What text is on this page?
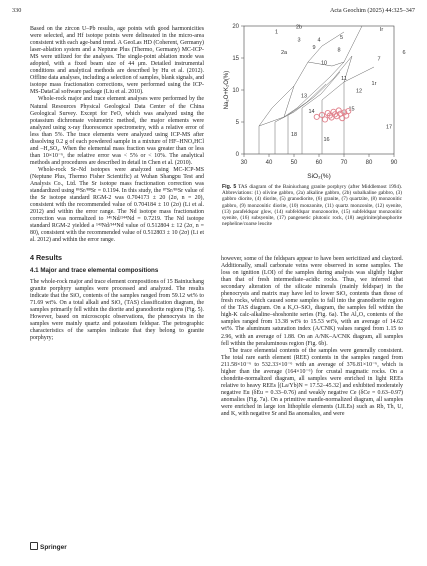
330	Acta Geochim (2025) 44:325–347

Based on the zircon U–Pb results, age points with good harmonicities were selected, and Hf isotope points were delineated in the micro-area consistent with each age-band trend. A GeoLas HD (Coherent, Germany) laser-ablation system and a Neptune Plus (Thermo, Germany) MC-ICP-MS were utilized for the analyses. The single-point ablation mode was adopted, with a fixed beam size of 44 μm. Detailed instrumental conditions and analytical methods are described by Hu et al. (2012). Offline data analyses, including a selection of samples, blank signals, and isotope mass fractionation corrections, were performed using the ICP-MS-DataCal software package (Liu et al. 2010).

Whole-rock major and trace element analyses were performed by the Natural Resources Physical Geological Data Center of the China Geological Survey. Except for FeO, which was analyzed using the potassium dichromate volumetric method, the major elements were analyzed using x-ray fluorescence spectrometry, with a relative error of less than 5%. The trace elements were analyzed using ICP-MS after dissolving 0.2 g of each powdered sample in a mixture of HF–HNO₃HCl and –H₂SO₄. When the elemental mass fraction was greater than or less than 10×10⁻⁶, the relative error was < 5% or < 10%. The analytical methods and procedures are described in detail in Chen et al. (2010).

Whole-rock Sr–Nd isotopes were analyzed using MC-ICP-MS (Neptune Plus, Thermo Fisher Scientific) at Wuhan Shangpu Test and Analysis Co., Ltd. The Sr isotope mass fractionation correction was standardized using ⁸⁶Sr/⁸⁸Sr = 0.1194. In this study, the ⁸⁷Sr/⁸⁶Sr value of the Sr isotope standard RGM-2 was 0.704173 ± 20 (2σ, n = 20), consistent with the recommended value of 0.704184 ± 10 (2σ) (Li et al. 2012) and within the error range. The Nd isotope mass fractionation correction was normalized to ¹⁴⁶Nd/¹⁴⁴Nd = 0.7219. The Nd isotope standard RGM-2 yielded a ¹⁴³Nd/¹⁴⁴Nd value of 0.512804 ± 12 (2σ, n = 80), consistent with the recommended value of 0.512803 ± 10 (2σ) (Li et al. 2012) and within the error range.

4 Results
4.1 Major and trace elemental compositions

The whole-rock major and trace element compositions of 15 Bainiuchang granite porphyry samples were processed and analyzed. The results indicate that the SiO₂ contents of the samples ranged from 59.12 wt% to 71.69 wt%. On a total alkali and SiO₂ (TAS) classification diagram, the samples primarily fell within the diorite and granodiorite regions (Fig. 5). However, based on microscopic observations, the phenocrysts in the samples were mainly quartz and potassium feldspar. The petrographic characteristics of the samples indicate that they belong to granite porphyry;

18
16
17
14	15
13
12
11
10
1r
9	8
7
2a	6
3	5
4
1
2b	Ir
30	40	50	60	70	80	90
0
5
10
15
20
SiO₂(%)
Na₂O+K₂O(%)
Fig. 5 TAS diagram of the Bainiuchang granite porphyry (after Middlemost 1994). Abbreviations: (1) olivine gabbro, (2a) alkaline gabbro, (2b) subalkaline gabbro, (3) gabbro diorite, (4) diorite, (5) granodiorite, (6) granite, (7) quartzite, (8) monzonitic gabbro, (9) monzonitic diorite, (10) monzonite, (11) quartz monzonite, (12) syenite, (13) parafeldspar glow, (14) subfeldspar monzonorite, (15) subfeldspar monzonitic syenite, (16) subsyenite, (17) pangenetic plutonic rock, (18) aegirinite/phosphorite nepheline/coarse leucite

however, some of the feldspars appear to have been sericitized and clayized. Additionally, small carbonate veins were observed in some samples. The loss on ignition (LOI) of the samples during analysis was slightly higher than that of fresh intermediate–acidic rocks. Thus, we inferred that secondary alteration of the silicate minerals (mainly feldspar) in the phenocrysts and matrix may have led to lower SiO₂ contents than those of fresh rocks, which caused some samples to fall into the granodiorite region of the TAS diagram. On a K₂O–SiO₂ diagram, the samples fell within the high-K calc-alkaline–shoshonite series (Fig. 6a). The Al₂O₃ contents of the samples ranged from 13.38 wt% to 15.53 wt%, with an average of 14.62 wt%. The aluminum saturation index (A/CNK) values ranged from 1.15 to 2.96, with an average of 1.88. On an A/NK–A/CNK diagram, all samples fell within the peraluminous region (Fig. 6b).

The trace elemental contents of the samples were generally consistent. The total rare earth element (REE) contents in the samples ranged from 211.58×10⁻⁶ to 532.33×10⁻⁶ with an average of 376.81×10⁻⁶, which is higher than the average (164×10⁻⁶) for crustal magmatic rocks. On a chondrite-normalized diagram, all samples were enriched in light REEs relative to heavy REEs [(La/Yb)N = 17.52–45.32] and exhibited moderately negative Eu (δEu = 0.33–0.76) and weakly negative Ce (δCe = 0.63–0.97) anomalies (Fig. 7a). On a primitive mantle-normalized diagram, all samples were enriched in large ion lithophile elements (LILEs) such as Rb, Th, U, and K, with negative Sr and Ba anomalies, and were

Springer
